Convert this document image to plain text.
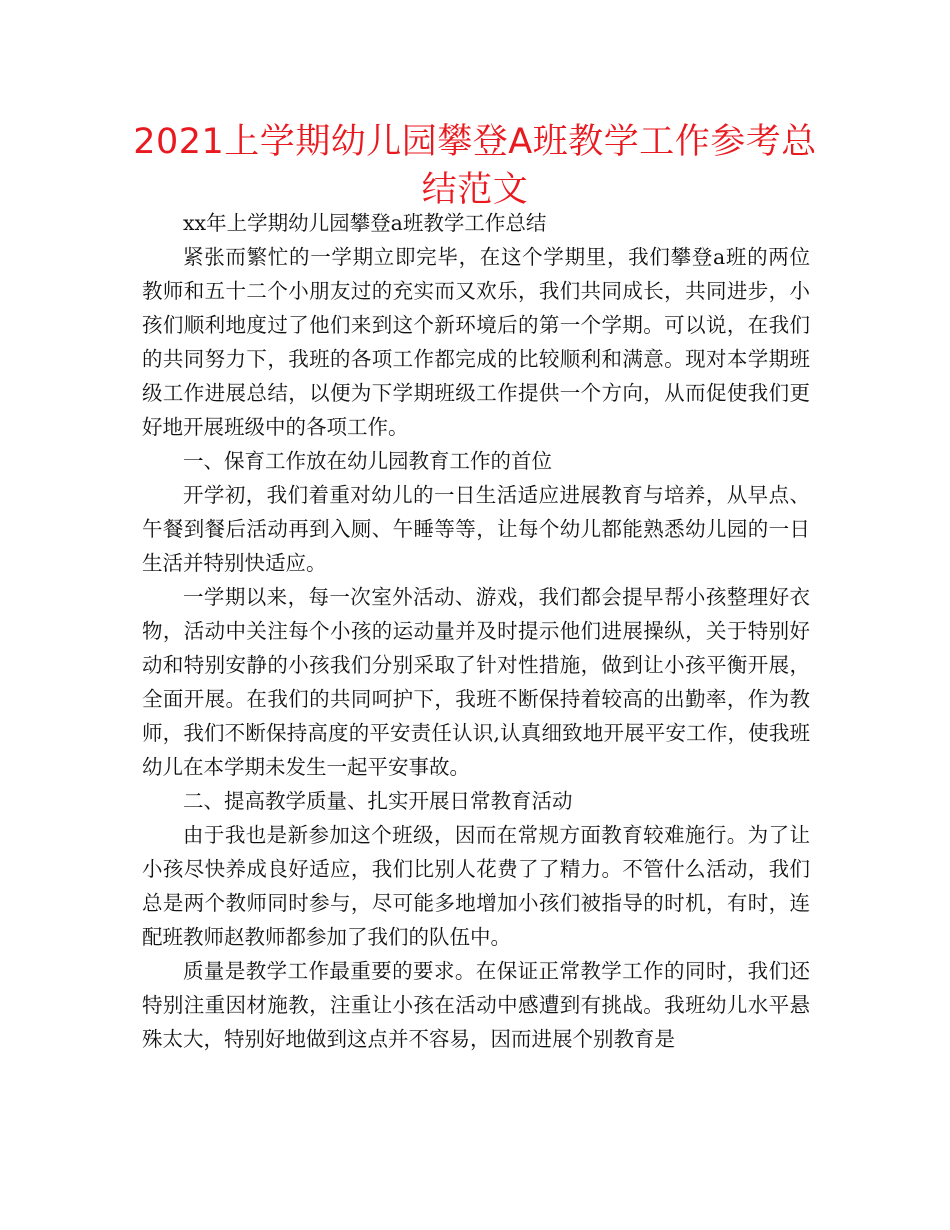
2021上学期幼儿园攀登A班教学工作参考总结范文

xx年上学期幼儿园攀登a班教学工作总结

紧张而繁忙的一学期立即完毕，在这个学期里，我们攀登a班的两位教师和五十二个小朋友过的充实而又欢乐，我们共同成长，共同进步，小孩们顺利地度过了他们来到这个新环境后的第一个学期。可以说，在我们的共同努力下，我班的各项工作都完成的比较顺利和满意。现对本学期班级工作进展总结，以便为下学期班级工作提供一个方向，从而促使我们更好地开展班级中的各项工作。

一、保育工作放在幼儿园教育工作的首位

开学初，我们着重对幼儿的一日生活适应进展教育与培养，从早点、午餐到餐后活动再到入厕、午睡等等，让每个幼儿都能熟悉幼儿园的一日生活并特别快适应。

一学期以来，每一次室外活动、游戏，我们都会提早帮小孩整理好衣物，活动中关注每个小孩的运动量并及时提示他们进展操纵，关于特别好动和特别安静的小孩我们分别采取了针对性措施，做到让小孩平衡开展，全面开展。在我们的共同呵护下，我班不断保持着较高的出勤率，作为教师，我们不断保持高度的平安责任认识,认真细致地开展平安工作，使我班幼儿在本学期未发生一起平安事故。

二、提高教学质量、扎实开展日常教育活动

由于我也是新参加这个班级，因而在常规方面教育较难施行。为了让小孩尽快养成良好适应，我们比别人花费了了精力。不管什么活动，我们总是两个教师同时参与，尽可能多地增加小孩们被指导的时机，有时，连配班教师赵教师都参加了我们的队伍中。

质量是教学工作最重要的要求。在保证正常教学工作的同时，我们还特别注重因材施教，注重让小孩在活动中感遭到有挑战。我班幼儿水平悬殊太大，特别好地做到这点并不容易，因而进展个别教育是
